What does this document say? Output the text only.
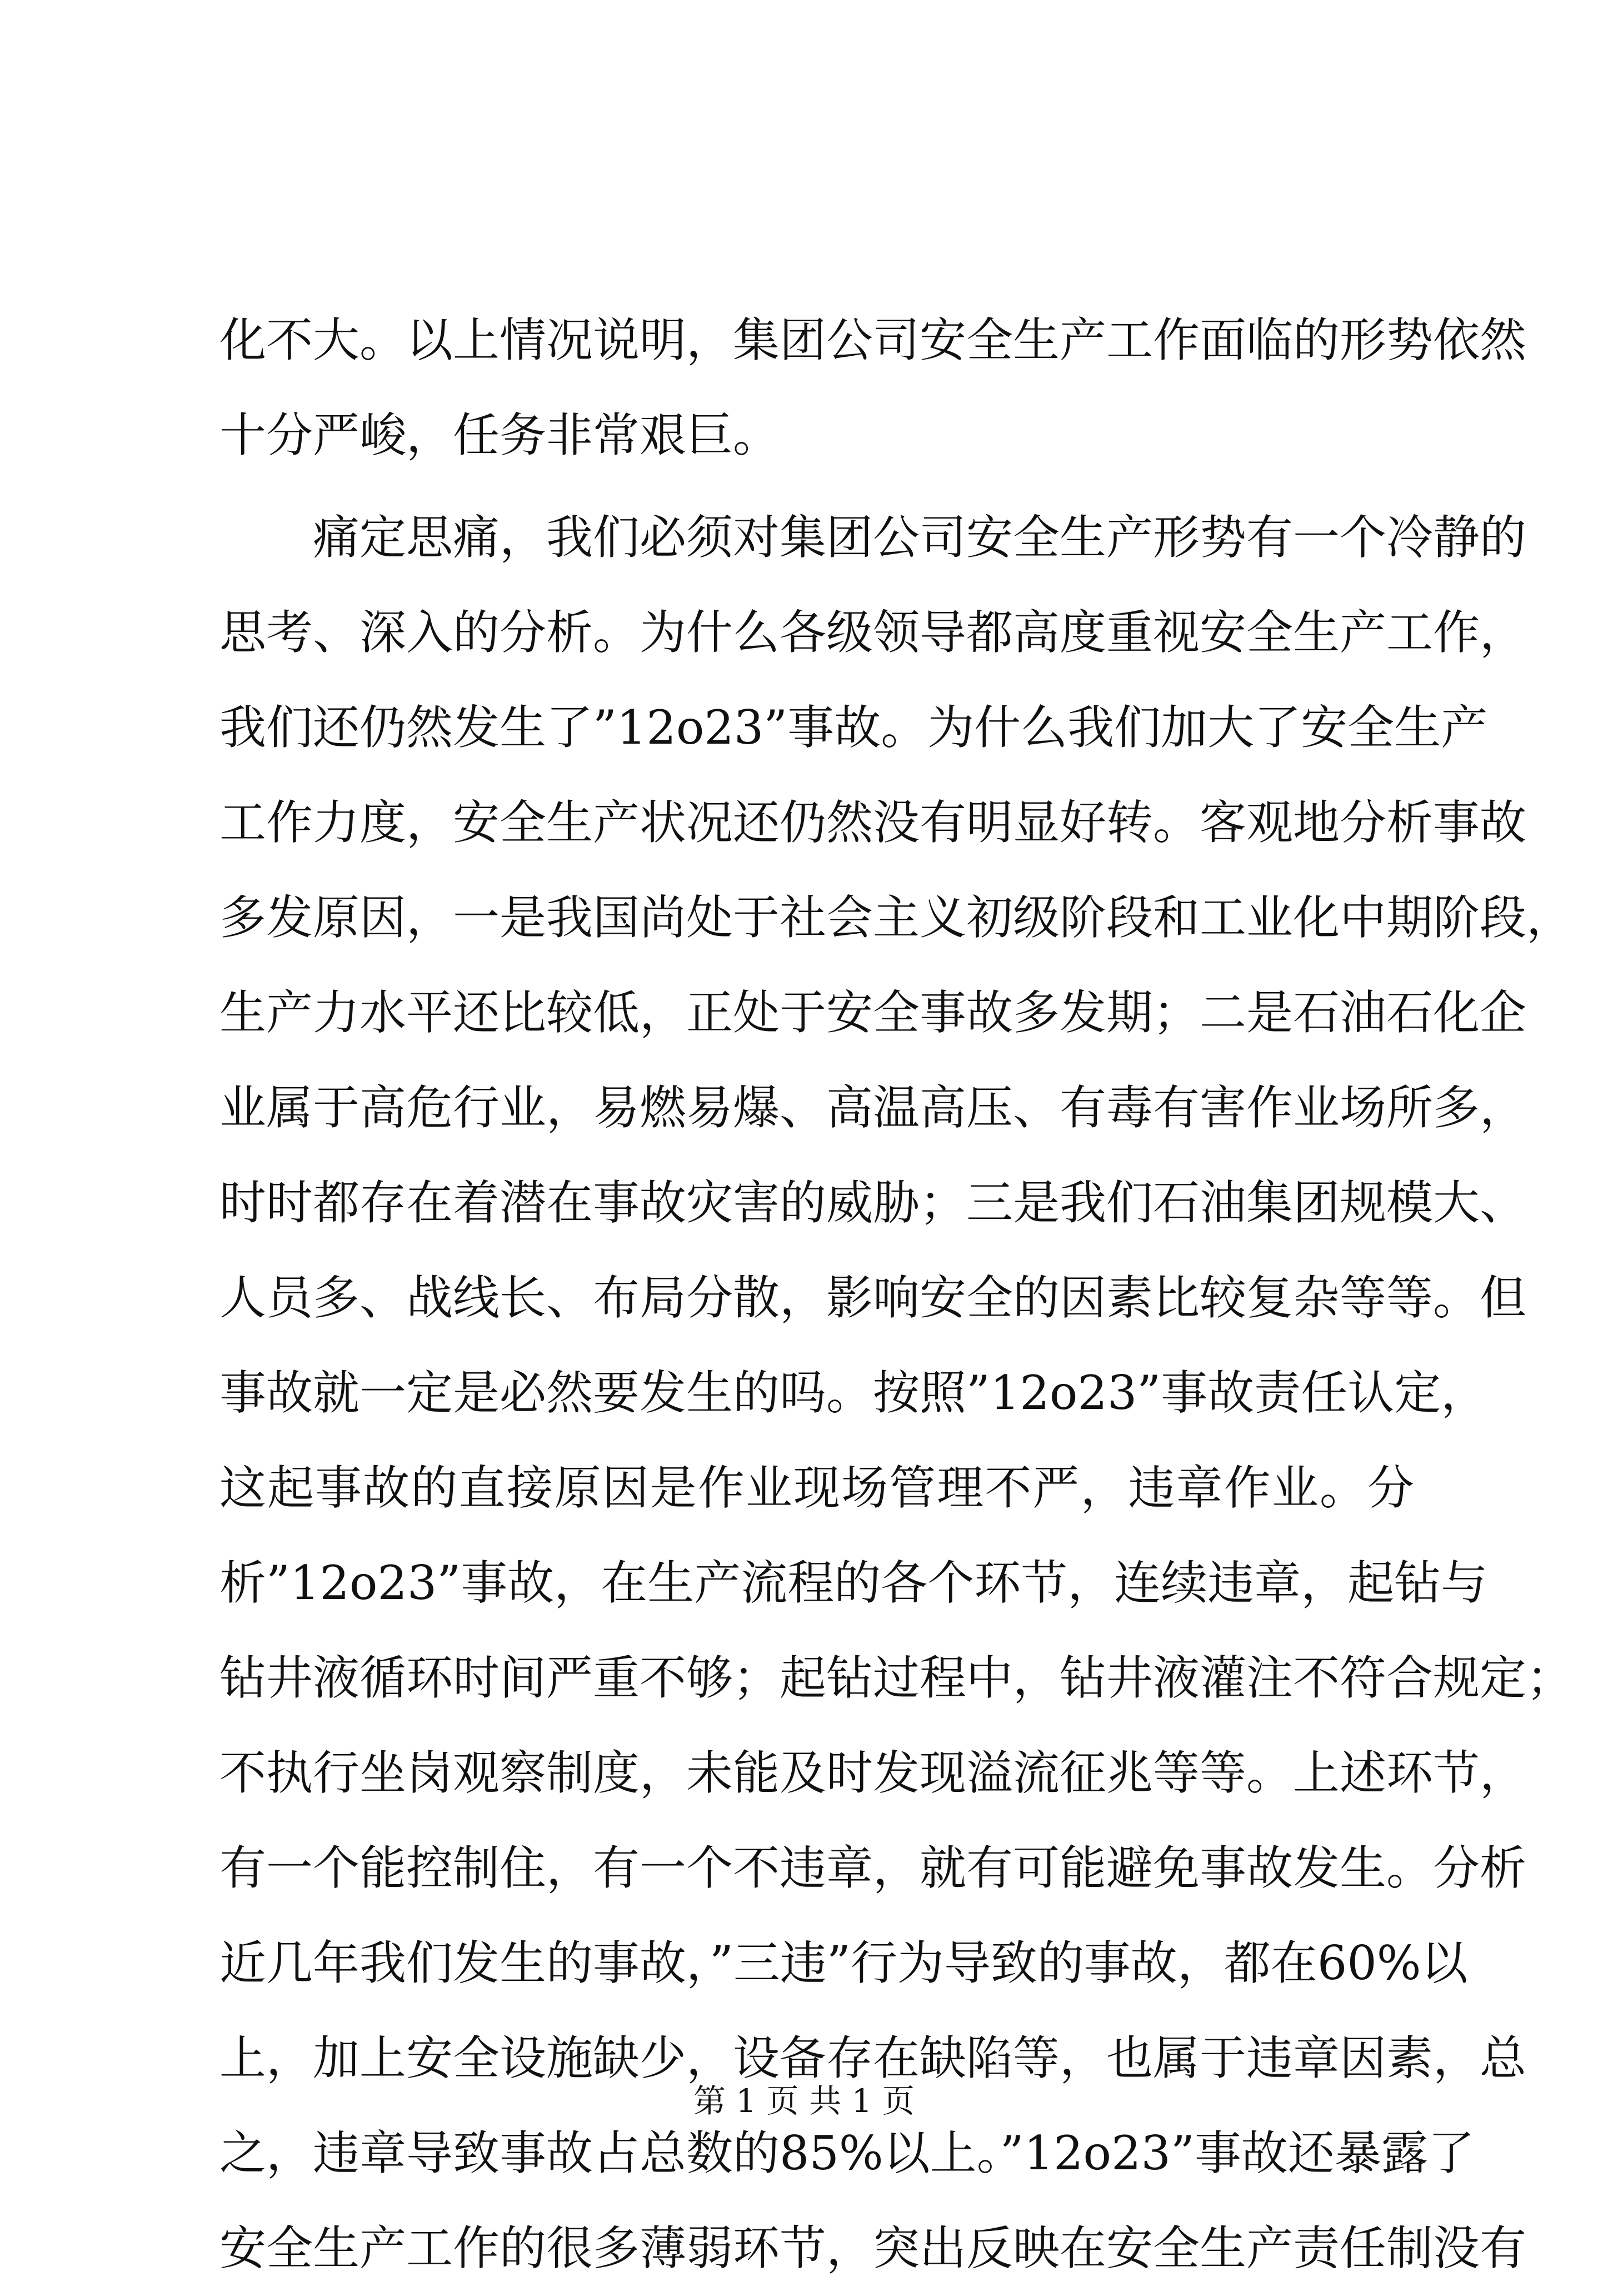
化不大。以上情况说明，集团公司安全生产工作面临的形势依然
十分严峻，任务非常艰巨。
痛定思痛，我们必须对集团公司安全生产形势有一个冷静的
思考、深入的分析。为什么各级领导都高度重视安全生产工作，
我们还仍然发生了”12o23”事故。为什么我们加大了安全生产
工作力度，安全生产状况还仍然没有明显好转。客观地分析事故
多发原因，一是我国尚处于社会主义初级阶段和工业化中期阶段，
生产力水平还比较低，正处于安全事故多发期；二是石油石化企
业属于高危行业，易燃易爆、高温高压、有毒有害作业场所多，
时时都存在着潜在事故灾害的威胁；三是我们石油集团规模大、
人员多、战线长、布局分散，影响安全的因素比较复杂等等。但
事故就一定是必然要发生的吗。按照”12o23”事故责任认定，
这起事故的直接原因是作业现场管理不严，违章作业。分
析”12o23”事故，在生产流程的各个环节，连续违章，起钻与
钻井液循环时间严重不够；起钻过程中，钻井液灌注不符合规定；
不执行坐岗观察制度，未能及时发现溢流征兆等等。上述环节，
有一个能控制住，有一个不违章，就有可能避免事故发生。分析
近几年我们发生的事故，”三违”行为导致的事故，都在60%以
上，加上安全设施缺少，设备存在缺陷等，也属于违章因素，总
之，违章导致事故占总数的85%以上。”12o23”事故还暴露了
安全生产工作的很多薄弱环节，突出反映在安全生产责任制没有
第 1 页 共 1 页
